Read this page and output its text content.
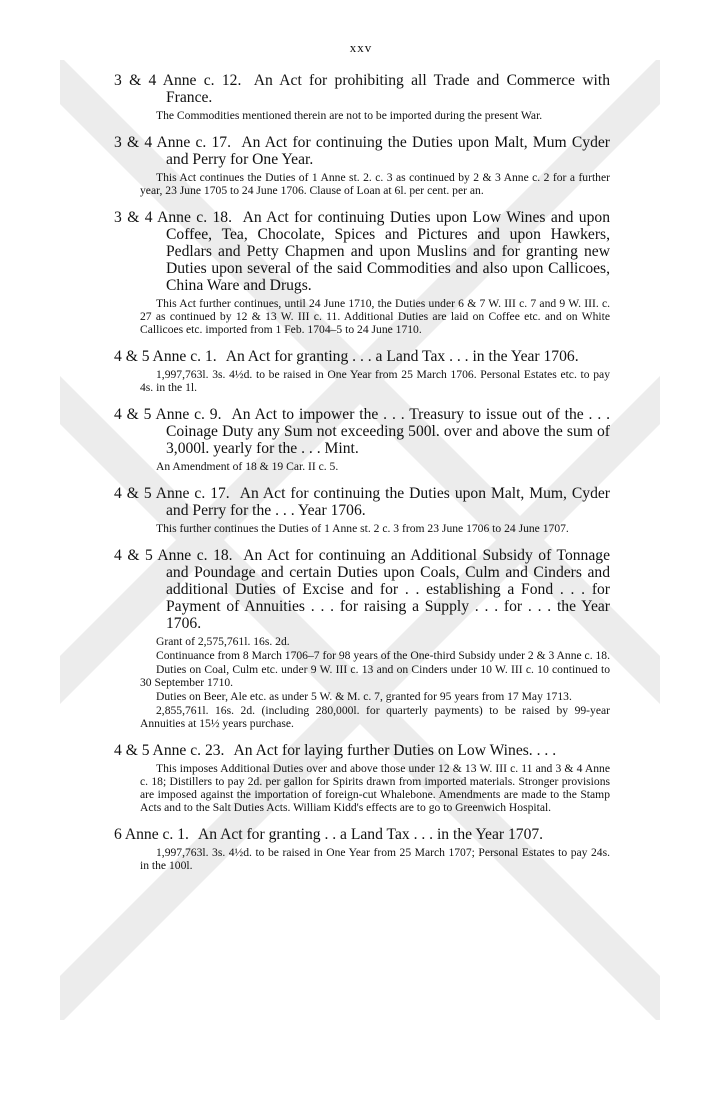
xxv
3 & 4 Anne c. 12. An Act for prohibiting all Trade and Commerce with France.
The Commodities mentioned therein are not to be imported during the present War.
3 & 4 Anne c. 17. An Act for continuing the Duties upon Malt, Mum Cyder and Perry for One Year.
This Act continues the Duties of 1 Anne st. 2. c. 3 as continued by 2 & 3 Anne c. 2 for a further year, 23 June 1705 to 24 June 1706. Clause of Loan at 6l. per cent. per an.
3 & 4 Anne c. 18. An Act for continuing Duties upon Low Wines and upon Coffee, Tea, Chocolate, Spices and Pictures and upon Hawkers, Pedlars and Petty Chapmen and upon Muslins and for granting new Duties upon several of the said Commodities and also upon Callicoes, China Ware and Drugs.
This Act further continues, until 24 June 1710, the Duties under 6 & 7 W. III c. 7 and 9 W. III. c. 27 as continued by 12 & 13 W. III c. 11. Additional Duties are laid on Coffee etc. and on White Callicoes etc. imported from 1 Feb. 1704–5 to 24 June 1710.
4 & 5 Anne c. 1. An Act for granting . . . a Land Tax . . . in the Year 1706.
1,997,763l. 3s. 4½d. to be raised in One Year from 25 March 1706. Personal Estates etc. to pay 4s. in the 1l.
4 & 5 Anne c. 9. An Act to impower the . . . Treasury to issue out of the . . . Coinage Duty any Sum not exceeding 500l. over and above the sum of 3,000l. yearly for the . . . Mint.
An Amendment of 18 & 19 Car. II c. 5.
4 & 5 Anne c. 17. An Act for continuing the Duties upon Malt, Mum, Cyder and Perry for the . . . Year 1706.
This further continues the Duties of 1 Anne st. 2 c. 3 from 23 June 1706 to 24 June 1707.
4 & 5 Anne c. 18. An Act for continuing an Additional Subsidy of Tonnage and Poundage and certain Duties upon Coals, Culm and Cinders and additional Duties of Excise and for . . establishing a Fond . . . for Payment of Annuities . . . for raising a Supply . . . for . . . the Year 1706.
Grant of 2,575,761l. 16s. 2d.
Continuance from 8 March 1706–7 for 98 years of the One-third Subsidy under 2 & 3 Anne c. 18.
Duties on Coal, Culm etc. under 9 W. III c. 13 and on Cinders under 10 W. III c. 10 continued to 30 September 1710.
Duties on Beer, Ale etc. as under 5 W. & M. c. 7, granted for 95 years from 17 May 1713.
2,855,761l. 16s. 2d. (including 280,000l. for quarterly payments) to be raised by 99-year Annuities at 15½ years purchase.
4 & 5 Anne c. 23. An Act for laying further Duties on Low Wines. . . .
This imposes Additional Duties over and above those under 12 & 13 W. III c. 11 and 3 & 4 Anne c. 18; Distillers to pay 2d. per gallon for Spirits drawn from imported materials. Stronger provisions are imposed against the importation of foreign-cut Whalebone. Amendments are made to the Stamp Acts and to the Salt Duties Acts. William Kidd's effects are to go to Greenwich Hospital.
6 Anne c. 1. An Act for granting . . a Land Tax . . . in the Year 1707.
1,997,763l. 3s. 4½d. to be raised in One Year from 25 March 1707; Personal Estates to pay 24s. in the 100l.
